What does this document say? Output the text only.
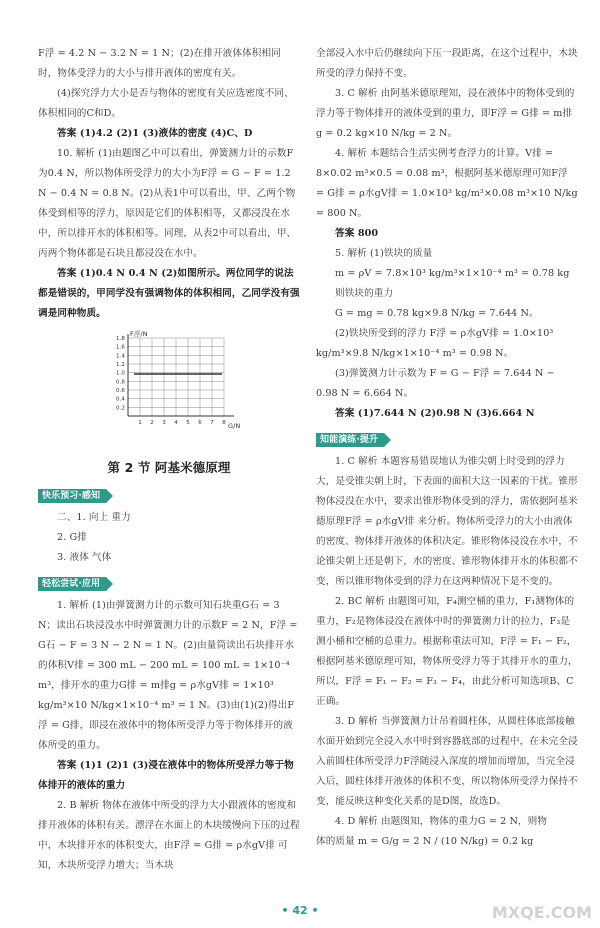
F浮 = 4.2 N − 3.2 N = 1 N；(2)在排开液体体积相同时，物体受浮力的大小与排开液体的密度有关。

(4)探究浮力大小是否与物体的密度有关应选密度不同、体积相同的C和D。

答案 (1)4.2 (2)1 (3)液体的密度 (4)C、D

10. 解析 (1)由题图乙中可以看出，弹簧测力计的示数F为0.4 N，所以物体所受浮力的大小为F浮 = G − F = 1.2 N − 0.4 N = 0.8 N。(2)从表1中可以看出，甲、乙两个物体受到相等的浮力，原因是它们的体积相等，又都浸没在水中，所以排开水的体积相等。同理，从表2中可以看出，甲、丙两个物体都是石块且都浸没在水中。

答案 (1)0.4 N 0.4 N (2)如图所示。两位同学的说法都是错误的，甲同学没有强调物体的体积相同，乙同学没有强调是同种物质。

F浮/N
G/N
0.2
0.4
0.6
0.8
1.0
1.2
1.4
1.6
1.8
1 2 3 4 5 6 7 8
第 2 节 阿基米德原理
快乐预习·感知

二、1. 向上 重力

2. G排

3. 液体 气体

轻松尝试·应用

1. 解析 (1)由弹簧测力计的示数可知石块重G石 = 3 N；读出石块浸没水中时弹簧测力计的示数F = 2 N，F浮 = G石 − F = 3 N − 2 N = 1 N。(2)由量筒读出石块排开水的体积V排 = 300 mL − 200 mL = 100 mL = 1×10⁻⁴ m³，排开水的重力G排 = m排g = ρ水gV排 = 1×10³ kg/m³×10 N/kg×1×10⁻⁴ m³ = 1 N。(3)由(1)(2)得出F浮 = G排，即浸在液体中的物体所受浮力等于物体排开的液体所受的重力。

答案 (1)1 (2)1 (3)浸在液体中的物体所受浮力等于物体排开的液体的重力

2. B 解析 物体在液体中所受的浮力大小跟液体的密度和排开液体的体积有关。漂浮在水面上的木块缓慢向下压的过程中，木块排开水的体积变大，由F浮 = G排 = ρ水gV排 可知，木块所受浮力增大；当木块

全部浸入水中后仍继续向下压一段距离，在这个过程中，木块所受的浮力保持不变。

3. C 解析 由阿基米德原理知，浸在液体中的物体受到的浮力等于物体排开的液体受到的重力，即F浮 = G排 = m排g = 0.2 kg×10 N/kg = 2 N。

4. 解析 本题结合生活实例考查浮力的计算。V排 = 8×0.02 m³×0.5 = 0.08 m³，根据阿基米德原理可知F浮 = G排 = ρ水gV排 = 1.0×10³ kg/m³×0.08 m³×10 N/kg = 800 N。

答案 800

5. 解析 (1)铁块的质量

m = ρV = 7.8×10³ kg/m³×1×10⁻⁴ m³ = 0.78 kg

则铁块的重力

G = mg = 0.78 kg×9.8 N/kg = 7.644 N。

(2)铁块所受到的浮力 F浮 = ρ水gV排 = 1.0×10³ kg/m³×9.8 N/kg×1×10⁻⁴ m³ = 0.98 N。

(3)弹簧测力计示数为 F = G − F浮 = 7.644 N − 0.98 N = 6.664 N。

答案 (1)7.644 N (2)0.98 N (3)6.664 N

知能演练·提升

1. C 解析 本题容易错误地认为锥尖朝上时受到的浮力大，是受锥尖朝上时，下表面的面积大这一因素的干扰。锥形物体浸没在水中，要求出锥形物体受到的浮力，需依据阿基米德原理F浮 = ρ水gV排 来分析。物体所受浮力的大小由液体的密度、物体排开液体的体积决定。锥形物体浸没在水中，不论锥尖朝上还是朝下，水的密度、锥形物体排开水的体积都不变，所以锥形物体受到的浮力在这两种情况下是不变的。

2. BC 解析 由题图可知，F₄测空桶的重力，F₁测物体的重力，F₂是物体浸没在液体中时的弹簧测力计的拉力，F₃是测小桶和空桶的总重力。根据称重法可知，F浮 = F₁ − F₂，根据阿基米德原理可知，物体所受浮力等于其排开水的重力，所以，F浮 = F₁ − F₂ = F₃ − F₄，由此分析可知选项B、C正确。

3. D 解析 当弹簧测力计吊着圆柱体，从圆柱体底部接触水面开始到完全浸入水中时到容器底部的过程中，在未完全浸入前圆柱体所受浮力F浮随浸入深度的增加而增加，当完全浸入后，圆柱体排开液体的体积不变，所以物体所受浮力保持不变，能反映这种变化关系的是D图，故选D。

4. D 解析 由题图知，物体的重力G = 2 N，则物

体的质量 m = G/g = 2 N / (10 N/kg) = 0.2 kg

• 42 •	MXQE.COM
